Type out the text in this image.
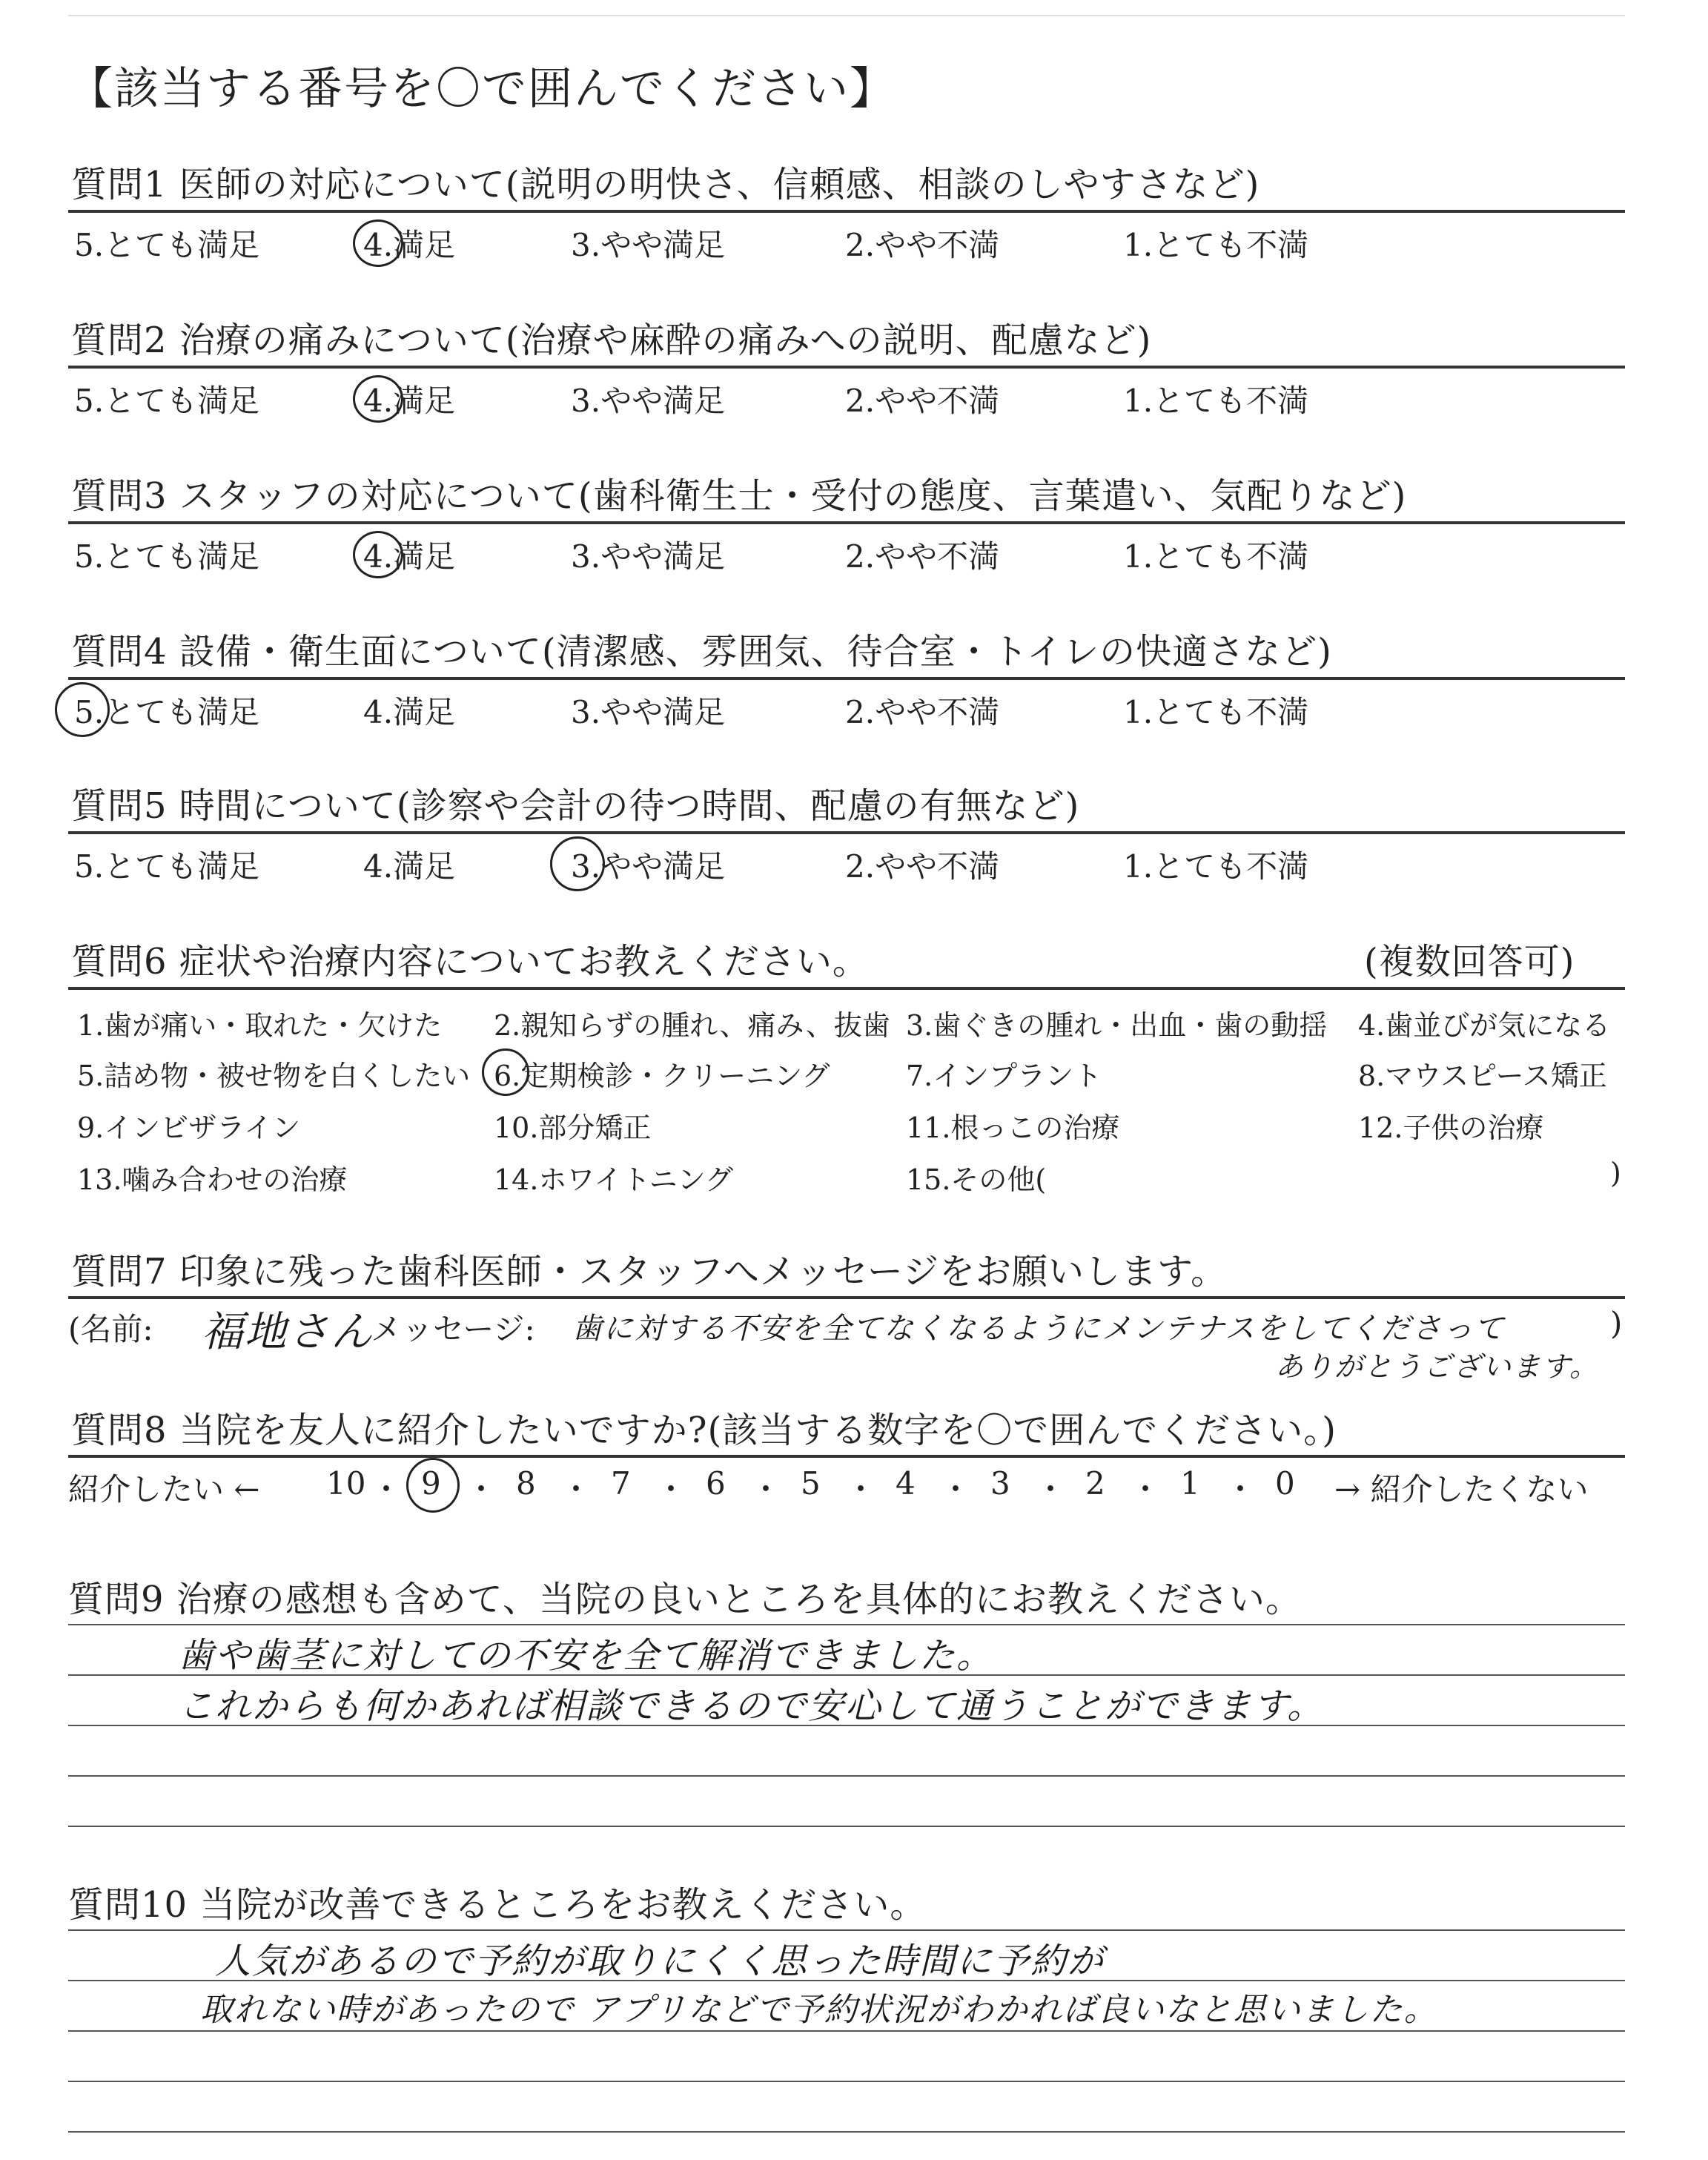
【該当する番号を〇で囲んでください】
質問1 医師の対応について(説明の明快さ、信頼感、相談のしやすさなど)
5.とても満足	4.満足	3.やや満足	2.やや不満	1.とても不満
質問2 治療の痛みについて(治療や麻酔の痛みへの説明、配慮など)
5.とても満足	4.満足	3.やや満足	2.やや不満	1.とても不満
質問3 スタッフの対応について(歯科衛生士・受付の態度、言葉遣い、気配りなど)
5.とても満足	4.満足	3.やや満足	2.やや不満	1.とても不満
質問4 設備・衛生面について(清潔感、雰囲気、待合室・トイレの快適さなど)
5.とても満足	4.満足	3.やや満足	2.やや不満	1.とても不満
質問5 時間について(診察や会計の待つ時間、配慮の有無など)
5.とても満足	4.満足	3.やや満足	2.やや不満	1.とても不満
質問6 症状や治療内容についてお教えください。	(複数回答可)
1.歯が痛い・取れた・欠けた 2.親知らずの腫れ、痛み、抜歯 3.歯ぐきの腫れ・出血・歯の動揺 4.歯並びが気になる
5.詰め物・被せ物を白くしたい 6.定期検診・クリーニング	7.インプラント	8.マウスピース矯正
9.インビザライン	10.部分矯正	11.根っこの治療	12.子供の治療
13.噛み合わせの治療	14.ホワイトニング	15.その他(	)
質問7 印象に残った歯科医師・スタッフへメッセージをお願いします。
(名前: 福地さん
メッセージ: 歯に対する不安を全てなくなるようにメンテナスをしてくださって
ありがとうございます。
)
質問8 当院を友人に紹介したいですか?(該当する数字を〇で囲んでください。)
紹介したい ←	→ 紹介したくない
10 ・ 9 ・ 8 ・ 7 ・ 6 ・ 5 ・ 4 ・ 3 ・ 2 ・ 1 ・ 0
質問9 治療の感想も含めて、当院の良いところを具体的にお教えください。
歯や歯茎に対しての不安を全て解消できました。
これからも何かあれば相談できるので安心して通うことができます。
質問10 当院が改善できるところをお教えください。
人気があるので予約が取りにくく思った時間に予約が
取れない時があったので アプリなどで予約状況がわかれば良いなと思いました。
